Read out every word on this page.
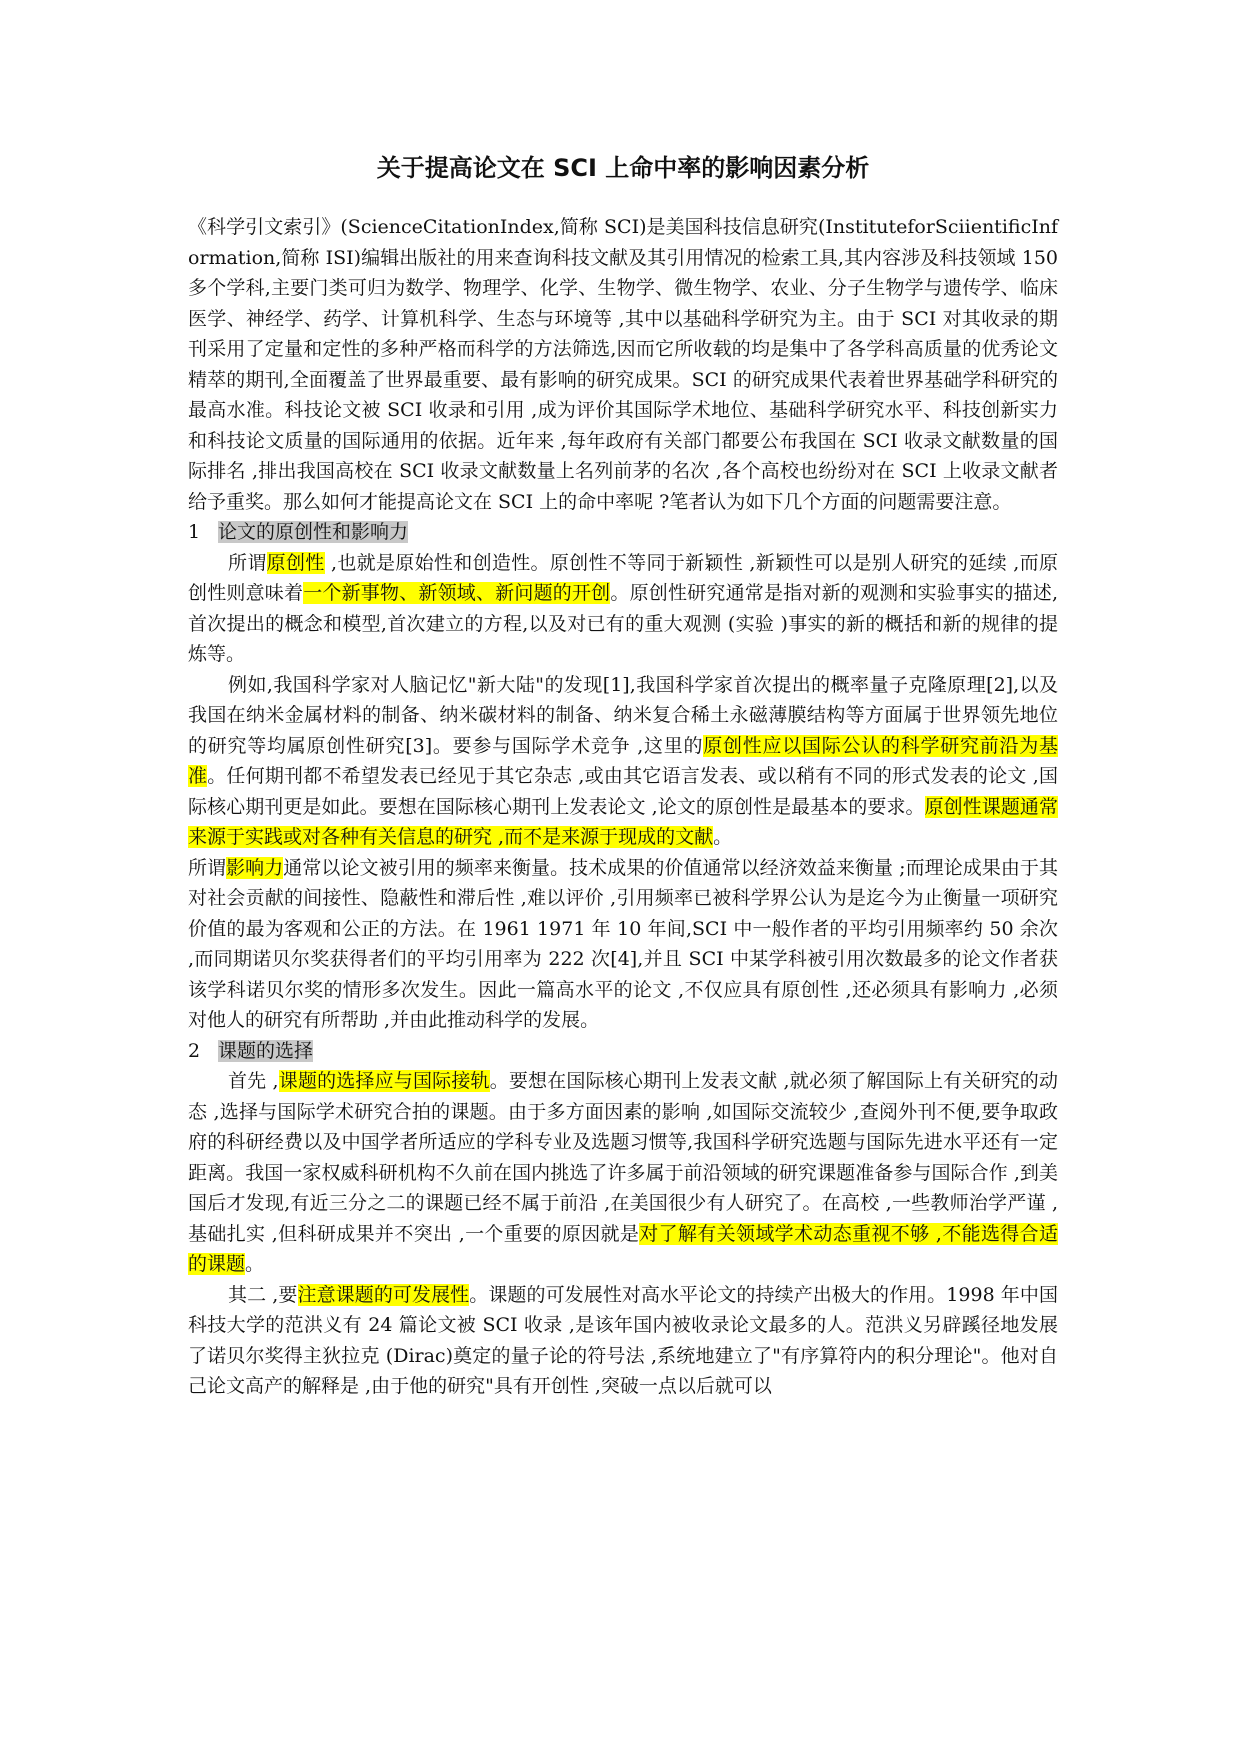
关于提高论文在 SCI 上命中率的影响因素分析

《科学引文索引》(ScienceCitationIndex,简称 SCI)是美国科技信息研究(InstituteforSciientificInformation,简称 ISI)编辑出版社的用来查询科技文献及其引用情况的检索工具,其内容涉及科技领域 150 多个学科,主要门类可归为数学、物理学、化学、生物学、微生物学、农业、分子生物学与遗传学、临床医学、神经学、药学、计算机科学、生态与环境等 ,其中以基础科学研究为主。由于 SCI 对其收录的期刊采用了定量和定性的多种严格而科学的方法筛选,因而它所收载的均是集中了各学科高质量的优秀论文精萃的期刊,全面覆盖了世界最重要、最有影响的研究成果。SCI 的研究成果代表着世界基础学科研究的最高水准。科技论文被 SCI 收录和引用 ,成为评价其国际学术地位、基础科学研究水平、科技创新实力和科技论文质量的国际通用的依据。近年来 ,每年政府有关部门都要公布我国在 SCI 收录文献数量的国际排名 ,排出我国高校在 SCI 收录文献数量上名列前茅的名次 ,各个高校也纷纷对在 SCI 上收录文献者给予重奖。那么如何才能提高论文在 SCI 上的命中率呢 ?笔者认为如下几个方面的问题需要注意。

1 论文的原创性和影响力

所谓原创性 ,也就是原始性和创造性。原创性不等同于新颖性 ,新颖性可以是别人研究的延续 ,而原创性则意味着一个新事物、新领域、新问题的开创。原创性研究通常是指对新的观测和实验事实的描述,首次提出的概念和模型,首次建立的方程,以及对已有的重大观测 (实验 )事实的新的概括和新的规律的提炼等。

例如,我国科学家对人脑记忆"新大陆"的发现[1],我国科学家首次提出的概率量子克隆原理[2],以及我国在纳米金属材料的制备、纳米碳材料的制备、纳米复合稀土永磁薄膜结构等方面属于世界领先地位的研究等均属原创性研究[3]。要参与国际学术竞争 ,这里的原创性应以国际公认的科学研究前沿为基准。任何期刊都不希望发表已经见于其它杂志 ,或由其它语言发表、或以稍有不同的形式发表的论文 ,国际核心期刊更是如此。要想在国际核心期刊上发表论文 ,论文的原创性是最基本的要求。原创性课题通常来源于实践或对各种有关信息的研究 ,而不是来源于现成的文献。

所谓影响力通常以论文被引用的频率来衡量。技术成果的价值通常以经济效益来衡量 ;而理论成果由于其对社会贡献的间接性、隐蔽性和滞后性 ,难以评价 ,引用频率已被科学界公认为是迄今为止衡量一项研究价值的最为客观和公正的方法。在 1961 1971 年 10 年间,SCI 中一般作者的平均引用频率约 50 余次 ,而同期诺贝尔奖获得者们的平均引用率为 222 次[4],并且 SCI 中某学科被引用次数最多的论文作者获该学科诺贝尔奖的情形多次发生。因此一篇高水平的论文 ,不仅应具有原创性 ,还必须具有影响力 ,必须对他人的研究有所帮助 ,并由此推动科学的发展。

2 课题的选择

首先 ,课题的选择应与国际接轨。要想在国际核心期刊上发表文献 ,就必须了解国际上有关研究的动态 ,选择与国际学术研究合拍的课题。由于多方面因素的影响 ,如国际交流较少 ,查阅外刊不便,要争取政府的科研经费以及中国学者所适应的学科专业及选题习惯等,我国科学研究选题与国际先进水平还有一定距离。我国一家权威科研机构不久前在国内挑选了许多属于前沿领域的研究课题准备参与国际合作 ,到美国后才发现,有近三分之二的课题已经不属于前沿 ,在美国很少有人研究了。在高校 ,一些教师治学严谨 ,基础扎实 ,但科研成果并不突出 ,一个重要的原因就是对了解有关领域学术动态重视不够 ,不能选得合适的课题。

其二 ,要注意课题的可发展性。课题的可发展性对高水平论文的持续产出极大的作用。1998 年中国科技大学的范洪义有 24 篇论文被 SCI 收录 ,是该年国内被收录论文最多的人。范洪义另辟蹊径地发展了诺贝尔奖得主狄拉克 (Dirac)奠定的量子论的符号法 ,系统地建立了"有序算符内的积分理论"。他对自己论文高产的解释是 ,由于他的研究"具有开创性 ,突破一点以后就可以
